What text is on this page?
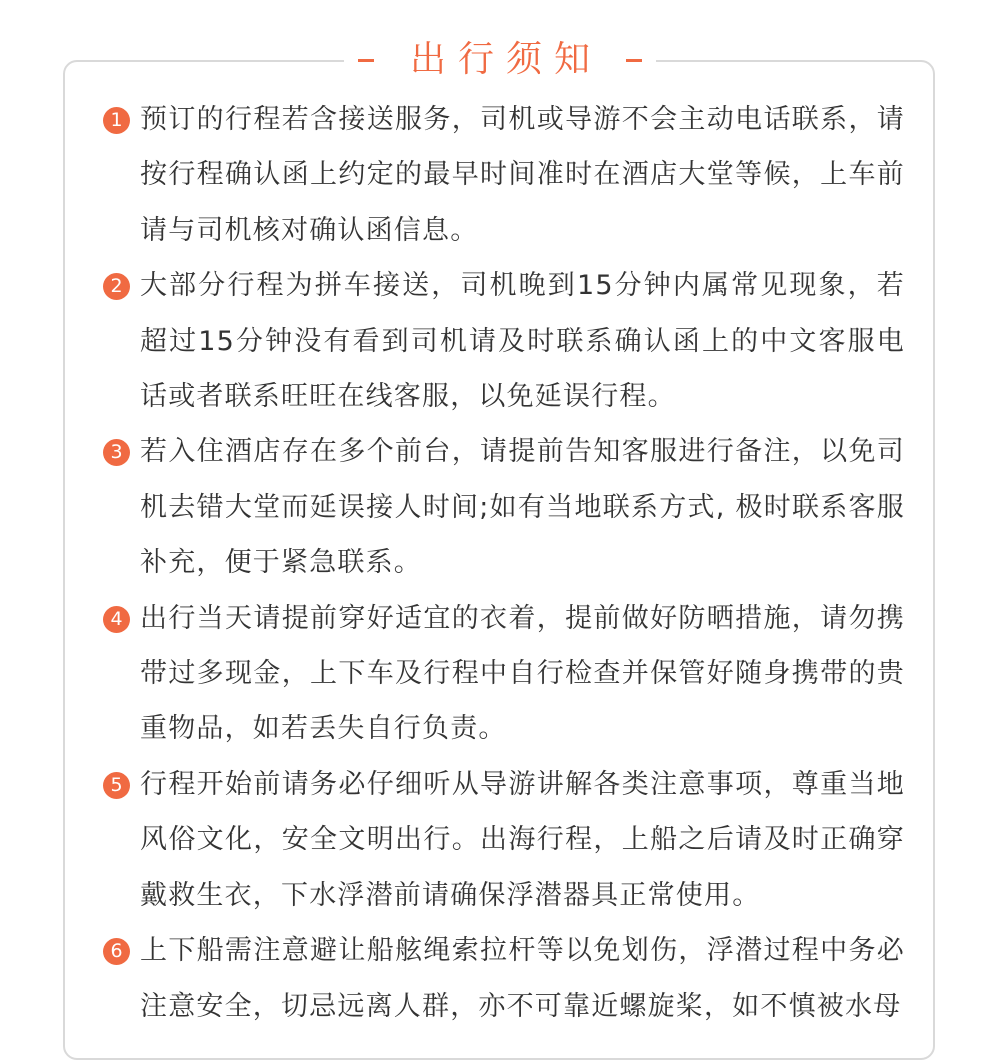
出行须知
1 预订的行程若含接送服务，司机或导游不会主动电话联系，请按行程确认函上约定的最早时间准时在酒店大堂等候，上车前请与司机核对确认函信息。

2 大部分行程为拼车接送，司机晚到15分钟内属常见现象，若超过15分钟没有看到司机请及时联系确认函上的中文客服电话或者联系旺旺在线客服，以免延误行程。

3 若入住酒店存在多个前台，请提前告知客服进行备注，以免司机去错大堂而延误接人时间;如有当地联系方式, 极时联系客服补充，便于紧急联系。

4 出行当天请提前穿好适宜的衣着，提前做好防晒措施，请勿携带过多现金，上下车及行程中自行检查并保管好随身携带的贵重物品，如若丢失自行负责。

5 行程开始前请务必仔细听从导游讲解各类注意事项，尊重当地风俗文化，安全文明出行。出海行程，上船之后请及时正确穿戴救生衣，下水浮潜前请确保浮潜器具正常使用。

6 上下船需注意避让船舷绳索拉杆等以免划伤，浮潜过程中务必注意安全，切忌远离人群，亦不可靠近螺旋桨，如不慎被水母
